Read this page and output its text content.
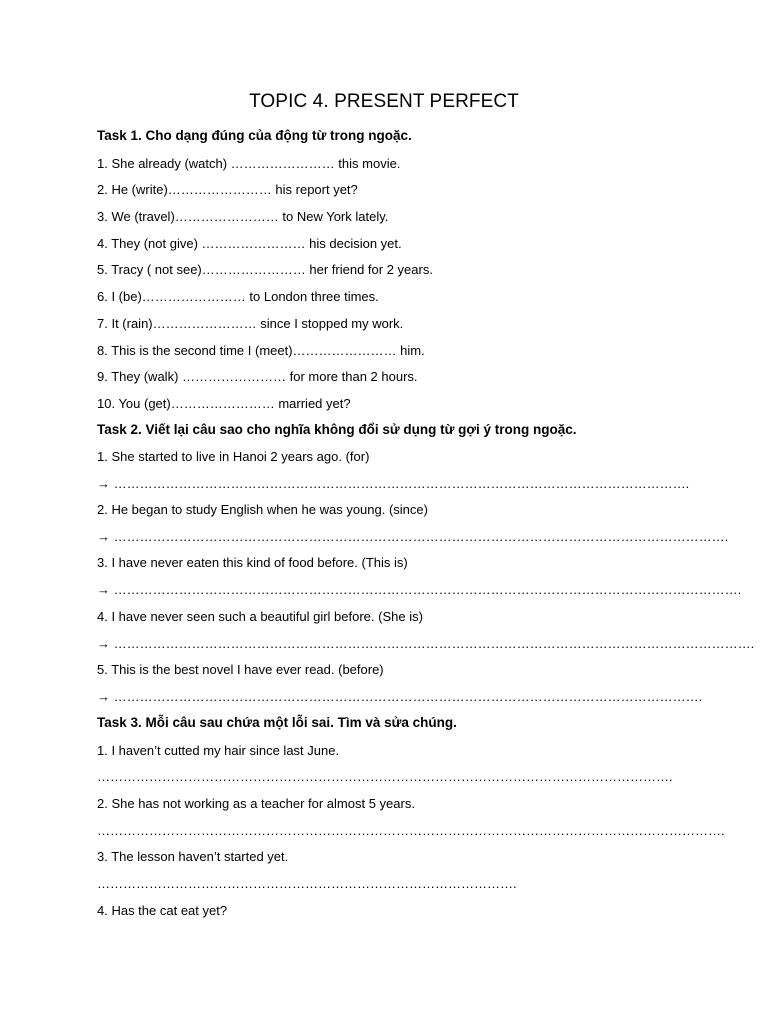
TOPIC 4. PRESENT PERFECT
Task 1. Cho dạng đúng của động từ trong ngoặc.
1. She already (watch) …………………… this movie.
2. He (write)…………………… his report yet?
3. We (travel)…………………… to New York lately.
4. They (not give) …………………… his decision yet.
5. Tracy ( not see)…………………… her friend for 2 years.
6. I (be)…………………… to London three times.
7. It (rain)…………………… since I stopped my work.
8. This is the second time I (meet)…………………… him.
9. They (walk) …………………… for more than 2 hours.
10. You (get)…………………… married yet?
Task 2. Viết lại câu sao cho nghĩa không đổi sử dụng từ gợi ý trong ngoặc.
1. She started to live in Hanoi 2 years ago. (for)
→ …………………………………………………………………………………………………………………….
2. He began to study English when he was young. (since)
→ …………………………………………………………………………………………………………………………….
3. I have never eaten this kind of food before. (This is)
→ ……………………………………………………………………………………………………………………………….
4. I have never seen such a beautiful girl before. (She is)
→ ………………………………………………………………………………………………………………………………….
5. This is the best novel I have ever read. (before)
→ ……………………………………………………………………………………………………………………….
Task 3. Mỗi câu sau chứa một lỗi sai. Tìm và sửa chúng.
1. I haven’t cutted my hair since last June.
…………………………………………………………………………………………………………………….
2. She has not working as a teacher for almost 5 years.
……………………………………………………………………………………………………………………………….
3. The lesson haven’t started yet.
…………………………………………………………………………………….
4. Has the cat eat yet?
